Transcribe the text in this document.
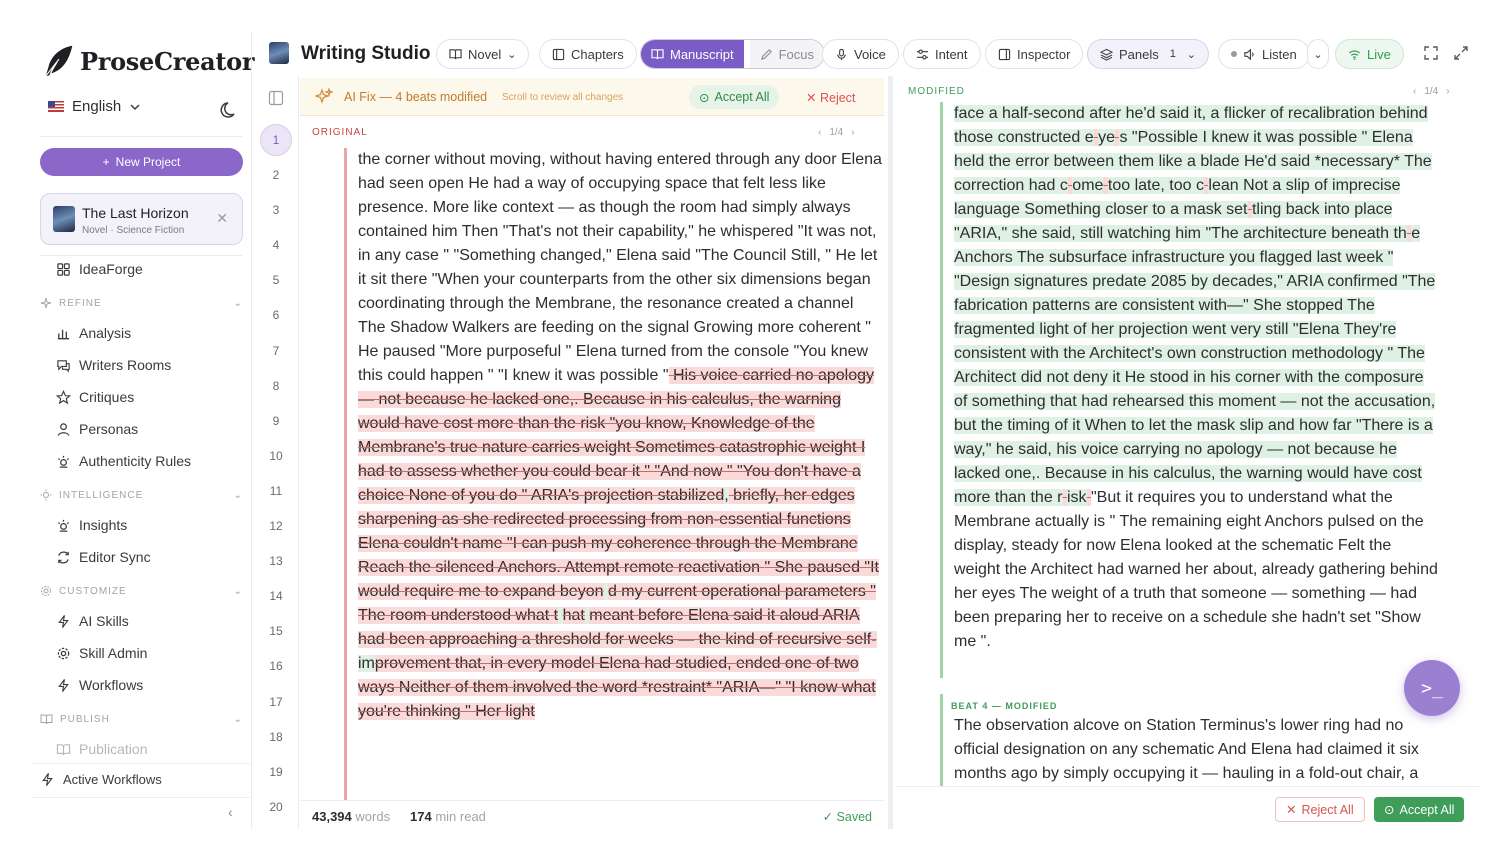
ProseCreator
English
+ New Project
The Last Horizon
Novel · Science Fiction
✕
IdeaForge
REFINE	⌄
Analysis
Writers Rooms
Critiques
Personas
Authenticity Rules
INTELLIGENCE	⌄
Insights
Editor Sync
CUSTOMIZE	⌄
AI Skills
Skill Admin
Workflows
PUBLISH	⌄
Publication
Active Workflows
‹
Writing Studio	Novel ⌄	Chapters	Manuscript	Focus	Voice	Intent	Inspector	Panels 1 ⌄	Listen ⌄	Live
1
2
3
4
5
6
7
8
9
10
11
12
13
14
15
16
17
18
19
20
AI Fix — 4 beats modified Scroll to review all changes	⊙ Accept All	✕ Reject
ORIGINAL	‹ 1/4 ›

the corner without moving, without having entered through any door Elena had seen open He had a way of occupying space that felt less like presence. More like context — as though the room had simply always contained him Then "That's not their capability," he whispered "It was not, in any case " "Something changed," Elena said "The Council Still, " He let it sit there "When your counterparts from the other six dimensions began coordinating through the Membrane, the resonance created a channel The Shadow Walkers are feeding on the signal Growing more coherent " He paused "More purposeful " Elena turned from the console "You knew this could happen " "I knew it was possible " His voice carried no apology — not because he lacked one,. Because in his calculus, the warning would have cost more than the risk "you know, Knowledge of the Membrane's true nature carries weight Sometimes catastrophic weight I had to assess whether you could bear it " "And now " "You don't have a choice None of you do " ARIA's projection stabilized, briefly, her edges sharpening as she redirected processing from non-essential functions Elena couldn't name "I can push my coherence through the Membrane Reach the silenced Anchors. Attempt remote reactivation " She paused "It would require me to expand beyon d my current operational parameters " The room understood what t hat meant before Elena said it aloud ARIA had been approaching a threshold for weeks — the kind of recursive self-improvement that, in every model Elena had studied, ended one of two ways Neither of them involved the word *restraint* "ARIA—" "I know what you're thinking " Her light

43,394 words 174 min read	✓ Saved
MODIFIED	‹ 1/4 ›

face a half-second after he'd said it, a flicker of recalibration behind those constructed e ye s "Possible I knew it was possible " Elena held the error between them like a blade He'd said *necessary* The correction had c ome too late, too c lean Not a slip of imprecise language Something closer to a mask set tling back into place "ARIA," she said, still watching him "The architecture beneath th e Anchors The subsurface infrastructure you flagged last week " "Design signatures predate 2085 by decades," ARIA confirmed "The fabrication patterns are consistent with—" She stopped The fragmented light of her projection went very still "Elena They're consistent with the Architect's own construction methodology " The Architect did not deny it He stood in his corner with the composure of something that had rehearsed this moment — not the accusation, but the timing of it When to let the mask slip and how far "There is a way," he said, his voice carrying no apology — not because he lacked one,. Because in his calculus, the warning would have cost more than the r isk "But it requires you to understand what the Membrane actually is " The remaining eight Anchors pulsed on the display, steady for now Elena looked at the schematic Felt the weight the Architect had warned her about, already gathering behind her eyes The weight of a truth that someone — something — had been preparing her to receive on a schedule she hadn't set "Show me ".

The observation alcove on Station Terminus's lower ring had no official designation on any schematic And Elena had claimed it six months ago by simply occupying it — hauling in a fold-out chair, a

BEAT 4 — MODIFIED
>_
✕ Reject All ⊙ Accept All
